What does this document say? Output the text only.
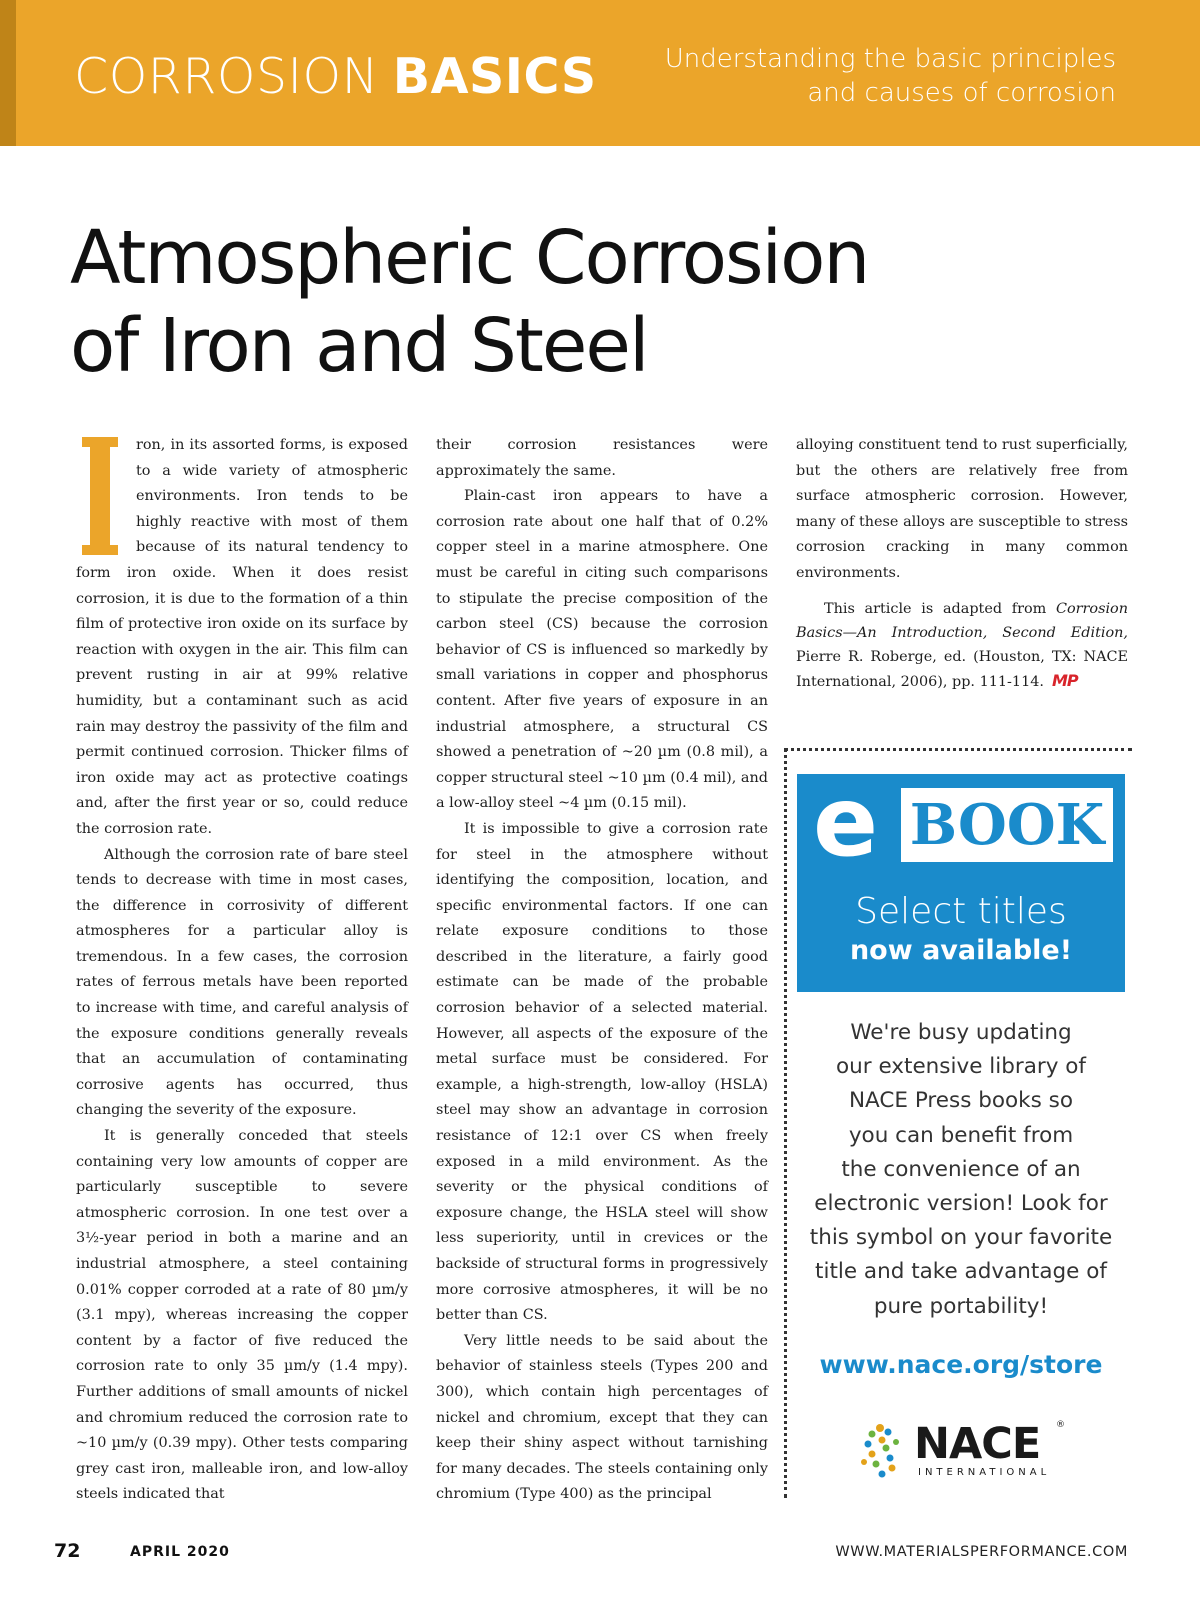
CORROSION BASICS	Understanding the basic principles
and causes of corrosion
Atmospheric Corrosion
of Iron and Steel

ron, in its assorted forms, is exposed to a wide variety of atmospheric environments. Iron tends to be highly reactive with most of them because of its natural tendency to form iron oxide. When it does resist corrosion, it is due to the formation of a thin film of protective iron oxide on its surface by reaction with oxygen in the air. This film can prevent rusting in air at 99% relative humidity, but a contaminant such as acid rain may destroy the passivity of the film and permit continued corrosion. Thicker films of iron oxide may act as protective coatings and, after the first year or so, could reduce the corrosion rate.

Although the corrosion rate of bare steel tends to decrease with time in most cases, the difference in corrosivity of different atmospheres for a particular alloy is tremendous. In a few cases, the corrosion rates of ferrous metals have been reported to increase with time, and careful analysis of the exposure conditions generally reveals that an accumulation of contaminating corrosive agents has occurred, thus changing the severity of the exposure.

It is generally conceded that steels containing very low amounts of copper are particularly susceptible to severe atmospheric corrosion. In one test over a 3½-year period in both a marine and an industrial atmosphere, a steel containing 0.01% copper corroded at a rate of 80 µm/y (3.1 mpy), whereas increasing the copper content by a factor of five reduced the corrosion rate to only 35 µm/y (1.4 mpy). Further additions of small amounts of nickel and chromium reduced the corrosion rate to ~10 µm/y (0.39 mpy). Other tests comparing grey cast iron, malleable iron, and low-alloy steels indicated that

their corrosion resistances were approximately the same.

Plain-cast iron appears to have a corrosion rate about one half that of 0.2% copper steel in a marine atmosphere. One must be careful in citing such comparisons to stipulate the precise composition of the carbon steel (CS) because the corrosion behavior of CS is influenced so markedly by small variations in copper and phosphorus content. After five years of exposure in an industrial atmosphere, a structural CS showed a penetration of ~20 µm (0.8 mil), a copper structural steel ~10 µm (0.4 mil), and a low-alloy steel ~4 µm (0.15 mil).

It is impossible to give a corrosion rate for steel in the atmosphere without identifying the composition, location, and specific environmental factors. If one can relate exposure conditions to those described in the literature, a fairly good estimate can be made of the probable corrosion behavior of a selected material. However, all aspects of the exposure of the metal surface must be considered. For example, a high-strength, low-alloy (HSLA) steel may show an advantage in corrosion resistance of 12:1 over CS when freely exposed in a mild environment. As the severity or the physical conditions of exposure change, the HSLA steel will show less superiority, until in crevices or the backside of structural forms in progressively more corrosive atmospheres, it will be no better than CS.

Very little needs to be said about the behavior of stainless steels (Types 200 and 300), which contain high percentages of nickel and chromium, except that they can keep their shiny aspect without tarnishing for many decades. The steels containing only chromium (Type 400) as the principal

alloying constituent tend to rust superficially, but the others are relatively free from surface atmospheric corrosion. However, many of these alloys are susceptible to stress corrosion cracking in many common environments.

This article is adapted from Corrosion Basics—An Introduction, Second Edition, Pierre R. Roberge, ed. (Houston, TX: NACE International, 2006), pp. 111-114. MP

e BOOK
Select titles
now available!
We're busy updating
our extensive library of
NACE Press books so
you can benefit from
the convenience of an
electronic version! Look for
this symbol on your favorite
title and take advantage of
pure portability!
www.nace.org/store
NACE ®
INTERNATIONAL
72	APRIL 2020	WWW.MATERIALSPERFORMANCE.COM
